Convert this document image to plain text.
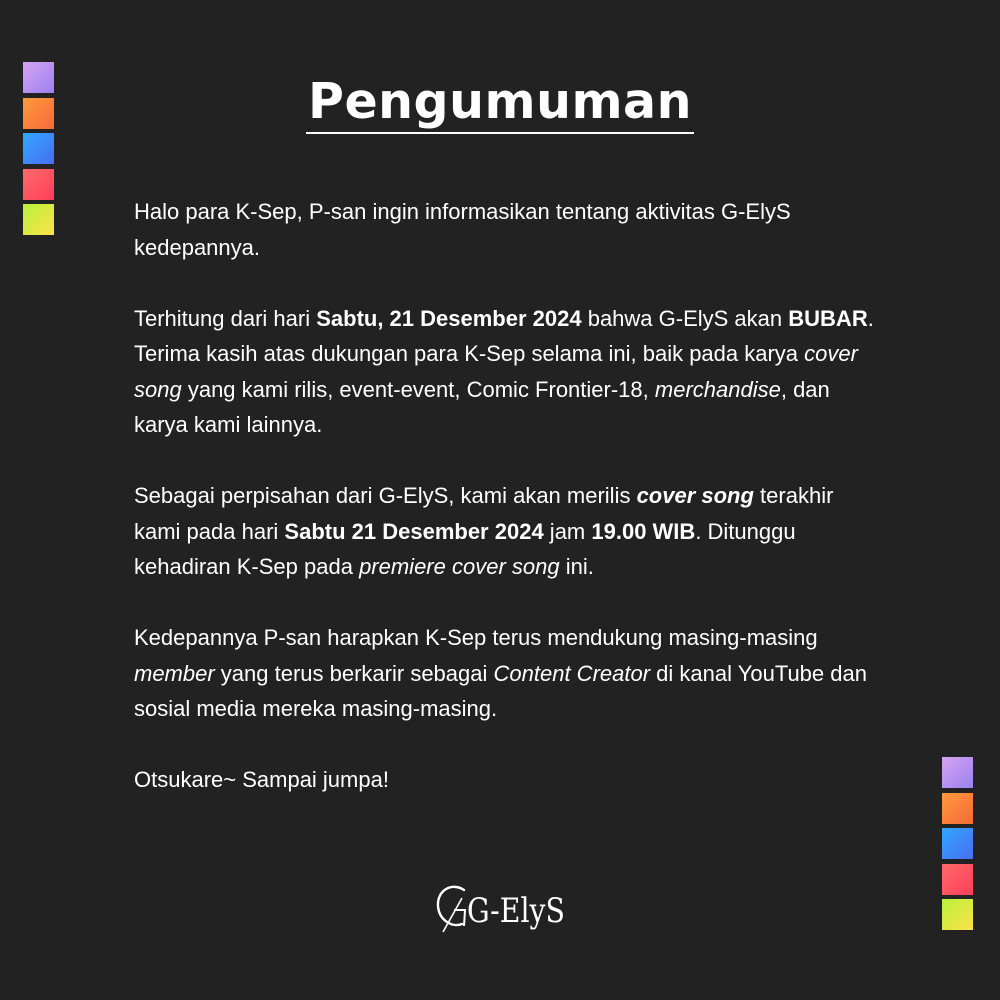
Pengumuman

Halo para K-Sep, P-san ingin informasikan tentang aktivitas G-ElyS kedepannya.

Terhitung dari hari Sabtu, 21 Desember 2024 bahwa G-ElyS akan BUBAR. Terima kasih atas dukungan para K-Sep selama ini, baik pada karya cover song yang kami rilis, event-event, Comic Frontier-18, merchandise, dan karya kami lainnya.

Sebagai perpisahan dari G-ElyS, kami akan merilis cover song terakhir kami pada hari Sabtu 21 Desember 2024 jam 19.00 WIB. Ditunggu kehadiran K-Sep pada premiere cover song ini.

Kedepannya P-san harapkan K-Sep terus mendukung masing-masing member yang terus berkarir sebagai Content Creator di kanal YouTube dan sosial media mereka masing-masing.

Otsukare~ Sampai jumpa!

G-ElyS
